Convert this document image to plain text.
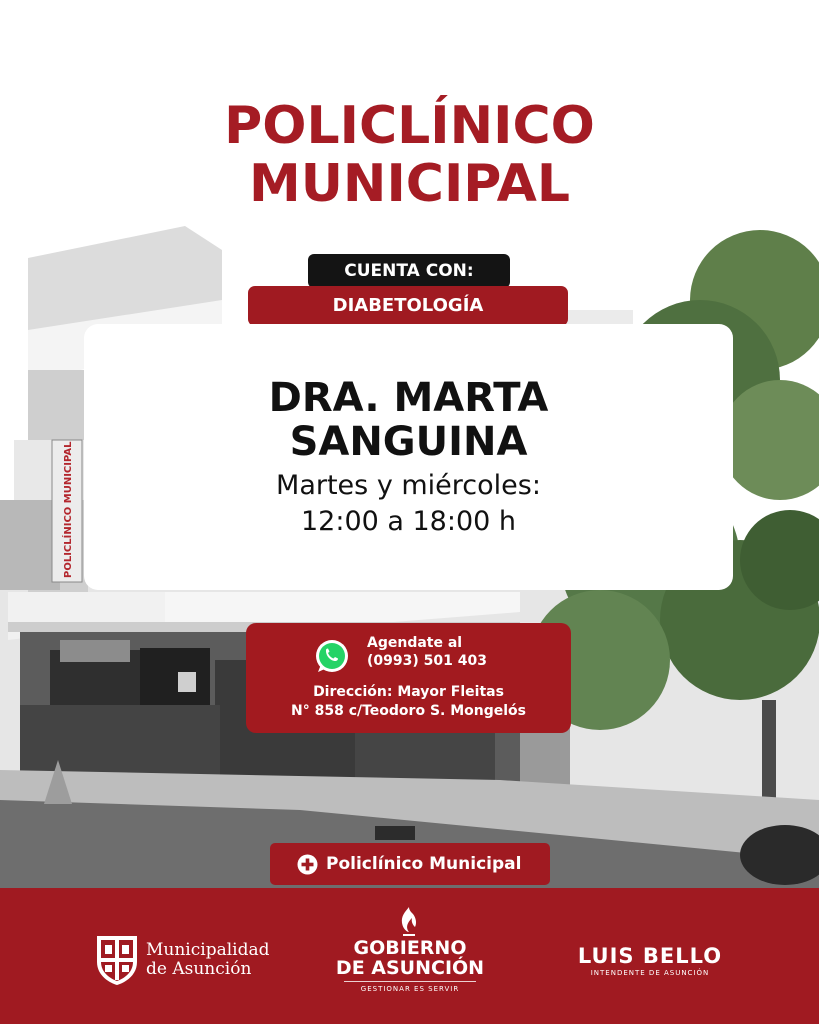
POLICLÍNICO MUNICIPAL
POLICLÍNICO
MUNICIPAL
CUENTA CON:
DIABETOLOGÍA
DRA. MARTA
SANGUINA
Martes y miércoles:
12:00 a 18:00 h
Agendate al
(0993) 501 403
Dirección: Mayor Fleitas
N° 858 c/Teodoro S. Mongelós
Policlínico Municipal
Municipalidad
de Asunción
GOBIERNO
DE ASUNCIÓN
GESTIONAR ES SERVIR
LUIS BELLO
INTENDENTE DE ASUNCIÓN
